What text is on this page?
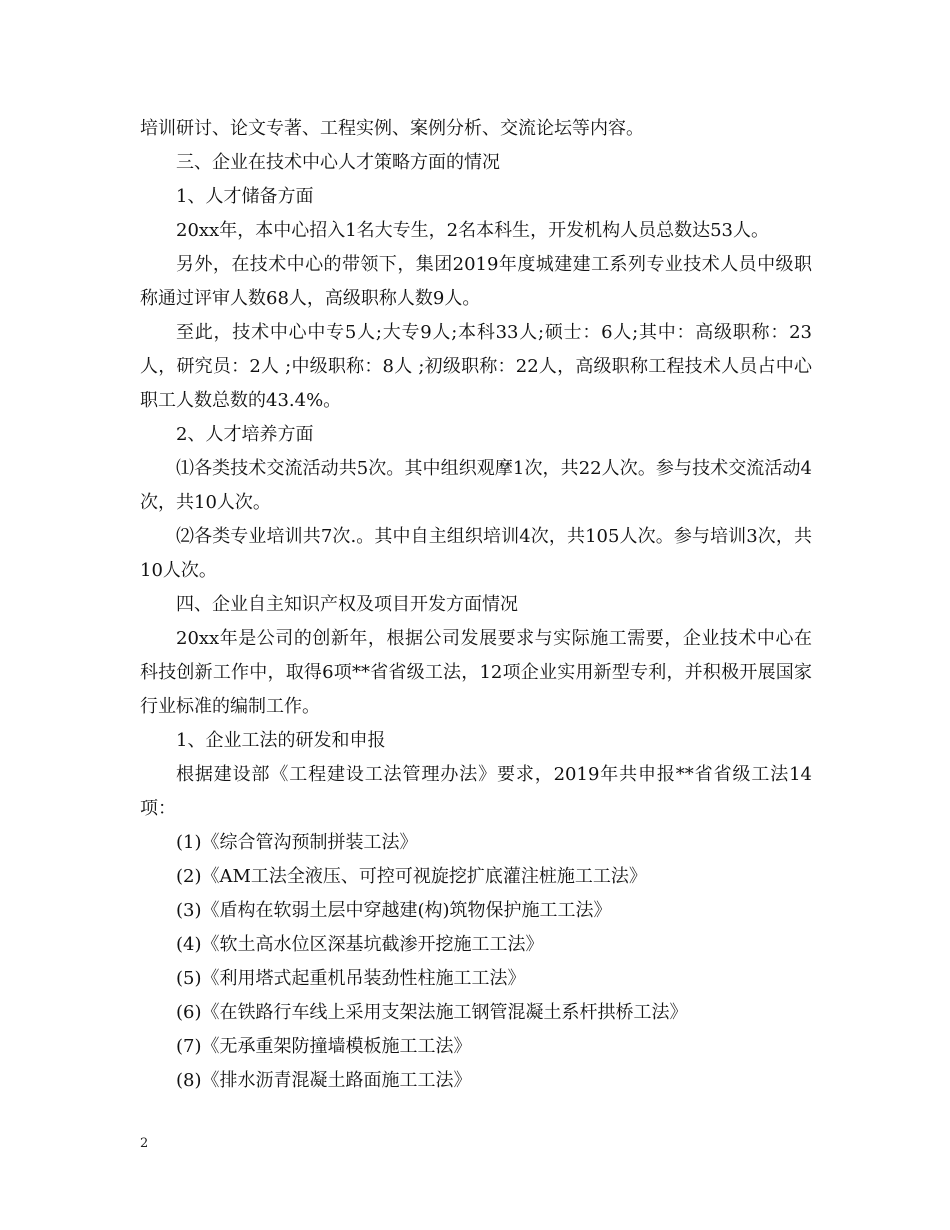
培训研讨、论文专著、工程实例、案例分析、交流论坛等内容。

三、企业在技术中心人才策略方面的情况

1、人才储备方面

20xx年，本中心招入1名大专生，2名本科生，开发机构人员总数达53人。

另外，在技术中心的带领下，集团2019年度城建建工系列专业技术人员中级职称通过评审人数68人，高级职称人数9人。

至此，技术中心中专5人;大专9人;本科33人;硕士：6人;其中：高级职称：23人，研究员：2人 ;中级职称：8人 ;初级职称：22人，高级职称工程技术人员占中心职工人数总数的43.4%。

2、人才培养方面

⑴各类技术交流活动共5次。其中组织观摩1次，共22人次。参与技术交流活动4次，共10人次。

⑵各类专业培训共7次.。其中自主组织培训4次，共105人次。参与培训3次，共10人次。

四、企业自主知识产权及项目开发方面情况

20xx年是公司的创新年，根据公司发展要求与实际施工需要，企业技术中心在科技创新工作中，取得6项**省省级工法，12项企业实用新型专利，并积极开展国家行业标准的编制工作。

1、企业工法的研发和申报

根据建设部《工程建设工法管理办法》要求，2019年共申报**省省级工法14项：

(1)《综合管沟预制拼装工法》

(2)《AM工法全液压、可控可视旋挖扩底灌注桩施工工法》

(3)《盾构在软弱土层中穿越建(构)筑物保护施工工法》

(4)《软土高水位区深基坑截渗开挖施工工法》

(5)《利用塔式起重机吊装劲性柱施工工法》

(6)《在铁路行车线上采用支架法施工钢管混凝土系杆拱桥工法》

(7)《无承重架防撞墙模板施工工法》

(8)《排水沥青混凝土路面施工工法》

2
